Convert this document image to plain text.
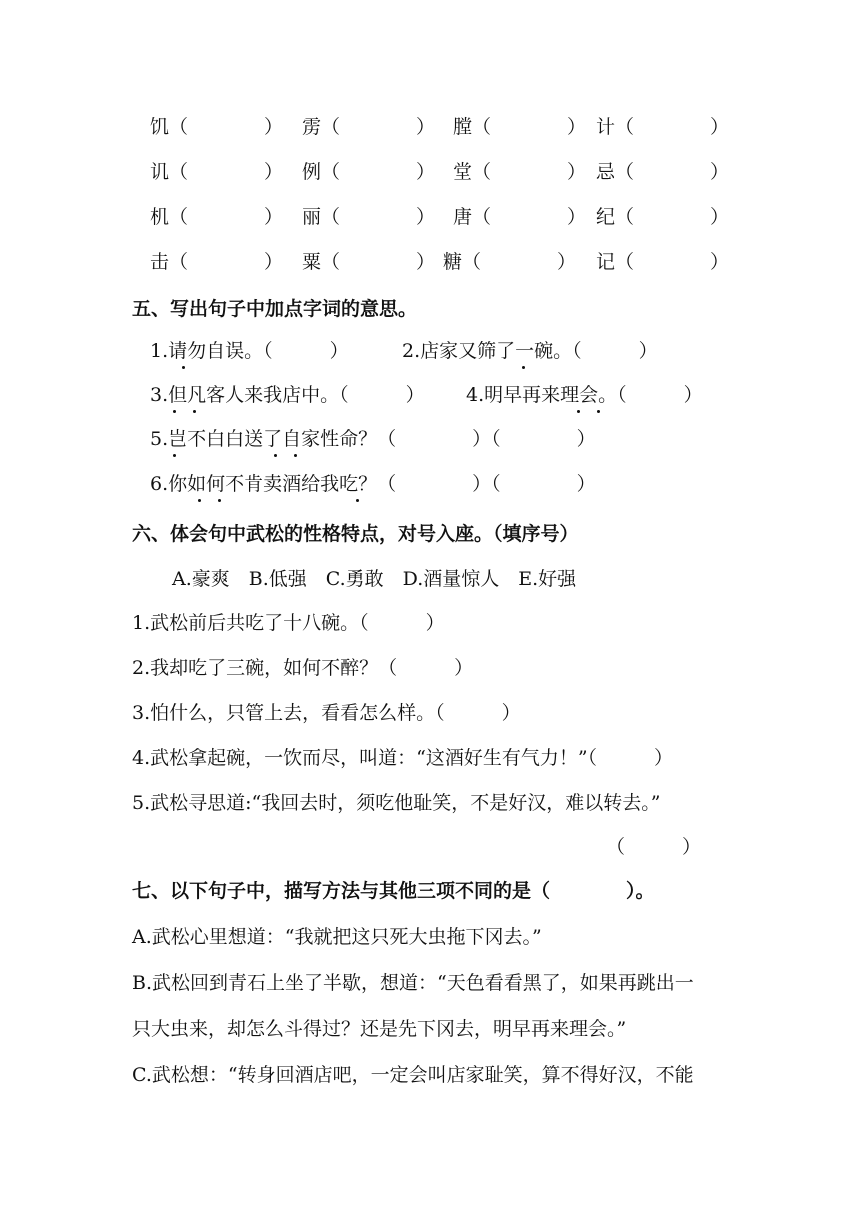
饥（　　　　） 雳（　　　　） 膛（　　　　） 计（　　　　）
讥（　　　　） 例（　　　　） 堂（　　　　） 忌（　　　　）
机（　　　　） 丽（　　　　） 唐（　　　　） 纪（　　　　）
击（　　　　） 粟（　　　　） 糖（　　　　） 记（　　　　）
五、写出句子中加点字词的意思。
1.请勿自误。（　　　）	2.店家又筛了一碗。（　　　）
3.但凡客人来我店中。（　　　） 4.明早再来理会。（　　　）
5.岂不白白送了自家性命？（　　　　）（　　　　）
6.你如何不肯卖酒给我吃？（　　　　）（　　　　）
六、体会句中武松的性格特点，对号入座。（填序号）
A.豪爽　B.低强　C.勇敢　D.酒量惊人　E.好强
1.武松前后共吃了十八碗。（　　　）
2.我却吃了三碗，如何不醉？（　　　）
3.怕什么，只管上去，看看怎么样。（　　　）
4.武松拿起碗，一饮而尽，叫道：“这酒好生有气力！”（　　　）
5.武松寻思道:“我回去时，须吃他耻笑，不是好汉，难以转去。”
（　　　）
七、以下句子中，描写方法与其他三项不同的是（　　　　）。
A.武松心里想道：“我就把这只死大虫拖下冈去。”
B.武松回到青石上坐了半歇，想道：“天色看看黑了，如果再跳出一
只大虫来，却怎么斗得过？还是先下冈去，明早再来理会。”
C.武松想：“转身回酒店吧，一定会叫店家耻笑，算不得好汉，不能
